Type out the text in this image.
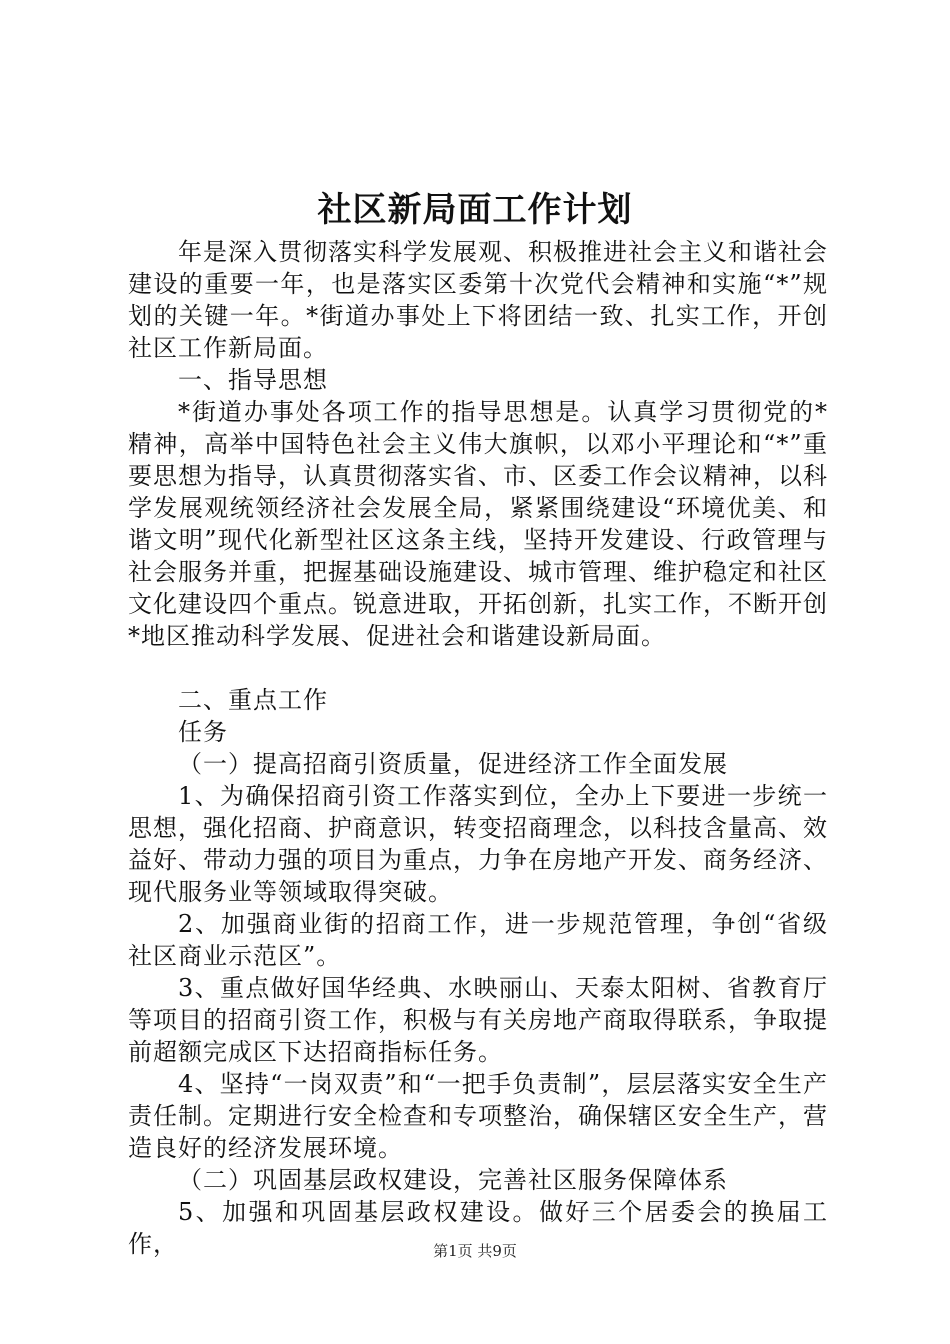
社区新局面工作计划

年是深入贯彻落实科学发展观、积极推进社会主义和谐社会建设的重要一年，也是落实区委第十次党代会精神和实施“*”规划的关键一年。*街道办事处上下将团结一致、扎实工作，开创社区工作新局面。

一、指导思想

*街道办事处各项工作的指导思想是。认真学习贯彻党的*精神，高举中国特色社会主义伟大旗帜，以邓小平理论和“*”重要思想为指导，认真贯彻落实省、市、区委工作会议精神，以科学发展观统领经济社会发展全局，紧紧围绕建设“环境优美、和谐文明”现代化新型社区这条主线，坚持开发建设、行政管理与社会服务并重，把握基础设施建设、城市管理、维护稳定和社区文化建设四个重点。锐意进取，开拓创新，扎实工作，不断开创*地区推动科学发展、促进社会和谐建设新局面。

二、重点工作

任务

（一）提高招商引资质量，促进经济工作全面发展

1、为确保招商引资工作落实到位，全办上下要进一步统一思想，强化招商、护商意识，转变招商理念，以科技含量高、效益好、带动力强的项目为重点，力争在房地产开发、商务经济、现代服务业等领域取得突破。

2、加强商业街的招商工作，进一步规范管理，争创“省级社区商业示范区”。

3、重点做好国华经典、水映丽山、天泰太阳树、省教育厅等项目的招商引资工作，积极与有关房地产商取得联系，争取提前超额完成区下达招商指标任务。

4、坚持“一岗双责”和“一把手负责制”，层层落实安全生产责任制。定期进行安全检查和专项整治，确保辖区安全生产，营造良好的经济发展环境。

（二）巩固基层政权建设，完善社区服务保障体系

5、加强和巩固基层政权建设。做好三个居委会的换届工作，	第1页 共9页
